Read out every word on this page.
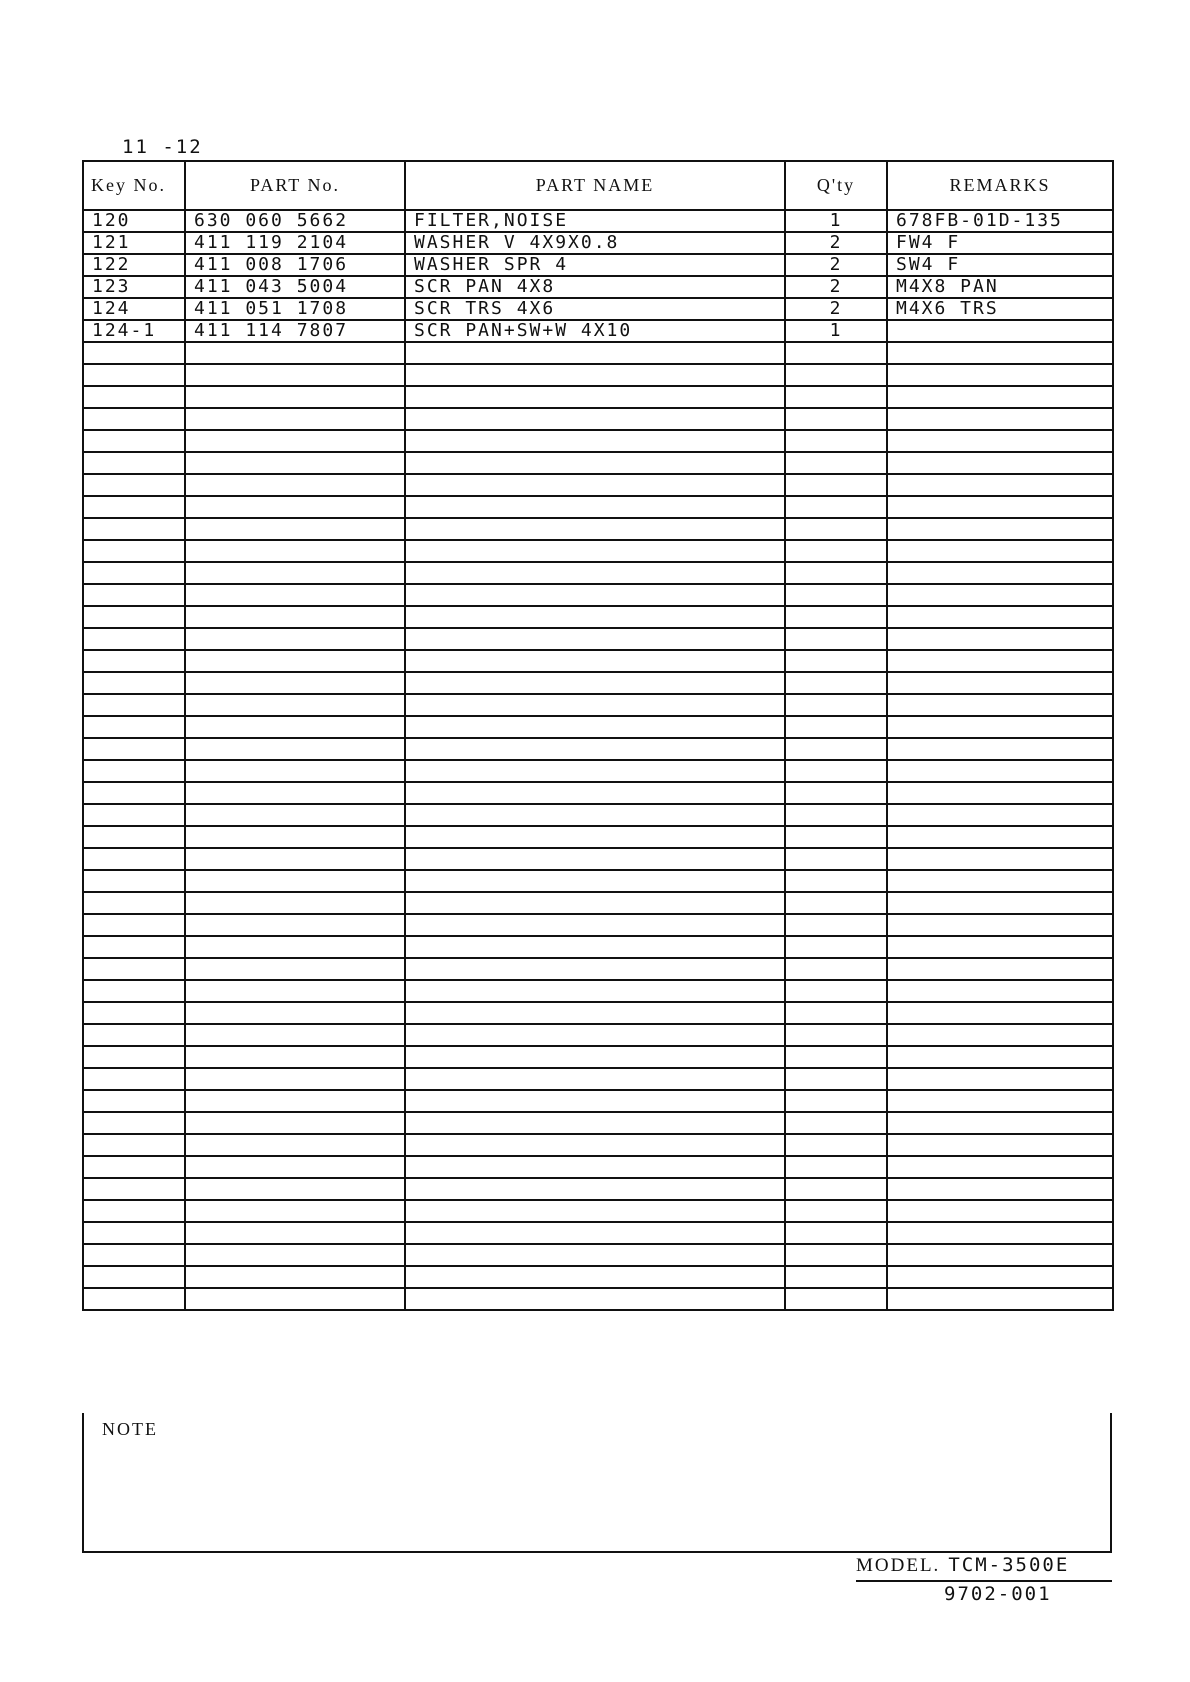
11 -12
Key No.	PART No.	PART NAME	Q'ty	REMARKS
120	630 060 5662	FILTER,NOISE	1	678FB-01D-135
121	411 119 2104	WASHER V 4X9X0.8	2	FW4 F
122	411 008 1706	WASHER SPR 4	2	SW4 F
123	411 043 5004	SCR PAN 4X8	2	M4X8 PAN
124	411 051 1708	SCR TRS 4X6	2	M4X6 TRS
124-1	411 114 7807	SCR PAN+SW+W 4X10	1	

NOTE
MODEL. TCM-3500E
9702-001
